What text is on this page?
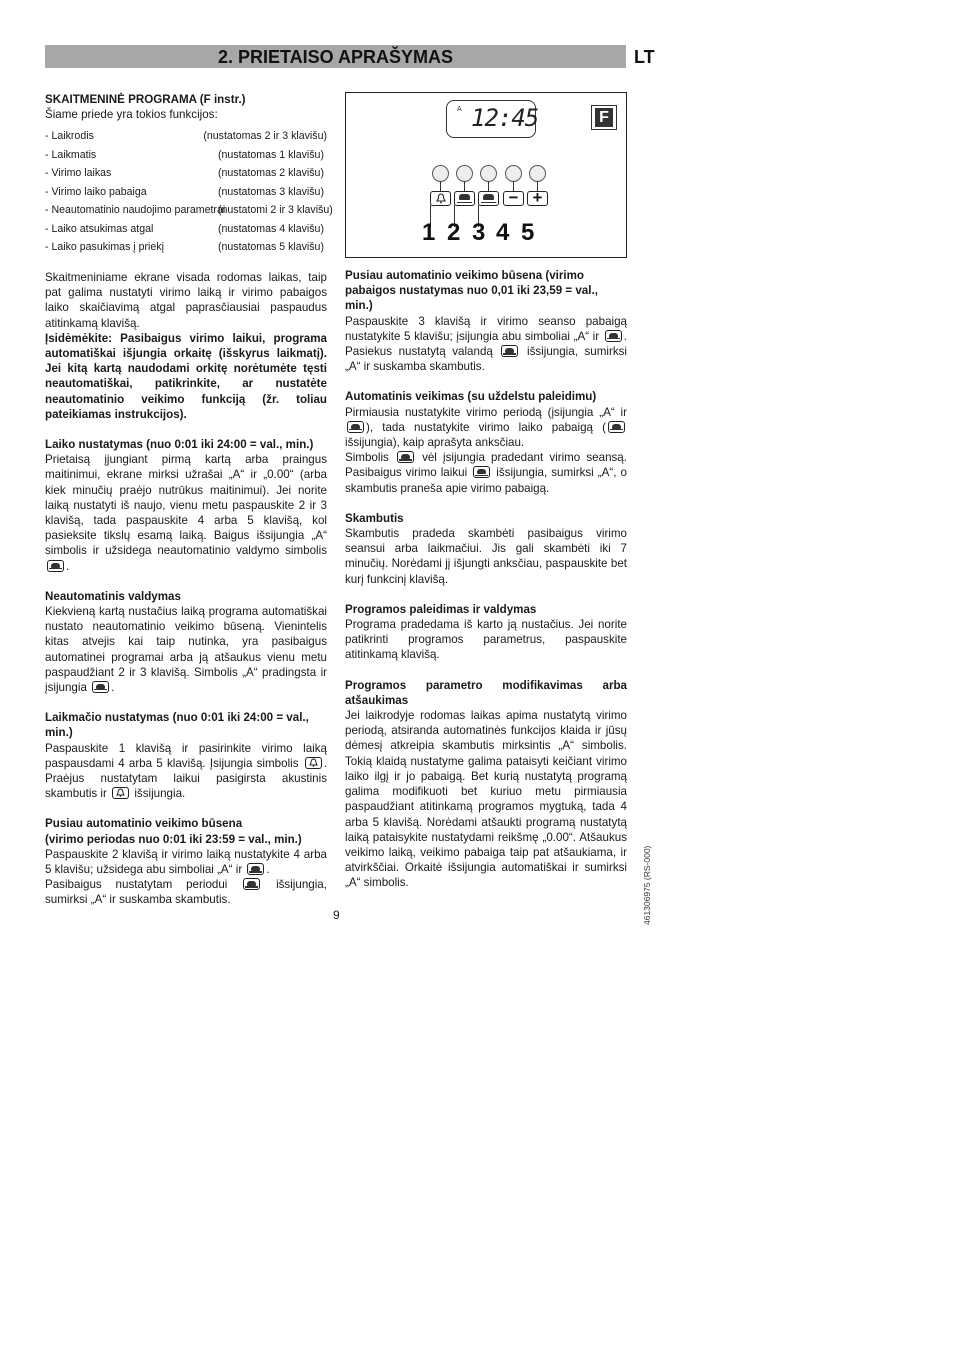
2. PRIETAISO APRAŠYMAS	LT

SKAITMENINĖ PROGRAMA (F instr.)

Šiame priede yra tokios funkcijos:

- Laikrodis	(nustatomas 2 ir 3 klavišu)
- Laikmatis	(nustatomas 1 klavišu)
- Virimo laikas	(nustatomas 2 klavišu)
- Virimo laiko pabaiga	(nustatomas 3 klavišu)
- Neautomatinio naudojimo parametrai
(nustatomi 2 ir 3 klavišu)
- Laiko atsukimas atgal	(nustatomas 4 klavišu)
- Laiko pasukimas į priekį	(nustatomas 5 klavišu)

Skaitmeniniame ekrane visada rodomas laikas, taip pat galima nustatyti virimo laiką ir virimo pabaigos laiko skaičiavimą atgal paprasčiausiai paspaudus atitinkamą klavišą.

Įsidėmėkite: Pasibaigus virimo laikui, programa automatiškai išjungia orkaitę (išskyrus laikmatį). Jei kitą kartą naudodami orkitę norėtumėte tęsti neautomatiškai, patikrinkite, ar nustatėte neautomatinio veikimo funkciją (žr. toliau pateikiamas instrukcijos).

Laiko nustatymas (nuo 0:01 iki 24:00 = val., min.)

Prietaisą įjungiant pirmą kartą arba praingus maitinimui, ekrane mirksi užrašai „A“ ir „0.00“ (arba kiek minučių praėjo nutrūkus maitinimui). Jei norite laiką nustatyti iš naujo, vienu metu paspauskite 2 ir 3 klavišą, tada paspauskite 4 arba 5 klavišą, kol pasieksite tikslų esamą laiką. Baigus išsijungia „A“ simbolis ir užsidega neautomatinio valdymo simbolis .

Neautomatinis valdymas

Kiekvieną kartą nustačius laiką programa automatiškai nustato neautomatinio veikimo būseną. Vienintelis kitas atvejis kai taip nutinka, yra pasibaigus automatinei programai arba ją atšaukus vienu metu paspaudžiant 2 ir 3 klavišą. Simbolis „A“ pradingsta ir įsijungia .

Laikmačio nustatymas (nuo 0:01 iki 24:00 = val., min.)

Paspauskite 1 klavišą ir pasirinkite virimo laiką paspausdami 4 arba 5 klavišą. Įsijungia simbolis . Praėjus nustatytam laikui pasigirsta akustinis skambutis ir išsijungia.

Pusiau automatinio veikimo būsena

(virimo periodas nuo 0:01 iki 23:59 = val., min.)

Paspauskite 2 klavišą ir virimo laiką nustatykite 4 arba 5 klavišu; užsidega abu simboliai „A“ ir .

Pasibaigus nustatytam periodui	išsijungia, sumirksi „A“ ir suskamba skambutis.

A 12:45	F
− +
1 2 3 4 5

Pusiau automatinio veikimo būsena (virimo pabaigos nustatymas nuo 0,01 iki 23,59 = val., min.)

Paspauskite 3 klavišą ir virimo seanso pabaigą nustatykite 5 klavišu; įsijungia abu simboliai „A“ ir . Pasiekus nustatytą valandą	išsijungia, sumirksi „A“ ir suskamba skambutis.

Automatinis veikimas (su uždelstu paleidimu)

Pirmiausia nustatykite virimo periodą (įsijungia „A“ ir), tada nustatykite virimo laiko pabaigą ( išsijungia), kaip aprašyta anksčiau.

Simbolis	vėl įsijungia pradedant virimo seansą. Pasibaigus virimo laikui	išsijungia, sumirksi „A“, o skambutis praneša apie virimo pabaigą.

Skambutis

Skambutis pradeda skambėti pasibaigus virimo seansui arba laikmačiui. Jis gali skambėti iki 7 minučių. Norėdami jį išjungti anksčiau, paspauskite bet kurį funkcinį klavišą.

Programos paleidimas ir valdymas

Programa pradedama iš karto ją nustačius. Jei norite patikrinti programos parametrus, paspauskite atitinkamą klavišą.

Programos parametro modifikavimas arba atšaukimas

Jei laikrodyje rodomas laikas apima nustatytą virimo periodą, atsiranda automatinės funkcijos klaida ir jūsų dėmesį atkreipia skambutis mirksintis „A“ simbolis. Tokią klaidą nustatyme galima pataisyti keičiant virimo laiko ilgį ir jo pabaigą. Bet kurią nustatytą programą galima modifikuoti bet kuriuo metu pirmiausia paspaudžiant atitinkamą programos mygtuką, tada 4 arba 5 klavišą. Norėdami atšaukti programą nustatytą laiką pataisykite nustatydami reikšmę „0.00“. Atšaukus veikimo laiką, veikimo pabaiga taip pat atšaukiama, ir atvirkščiai. Orkaitė išsijungia automatiškai ir sumirksi „A“ simbolis.

9	461306975 (RS-000)
